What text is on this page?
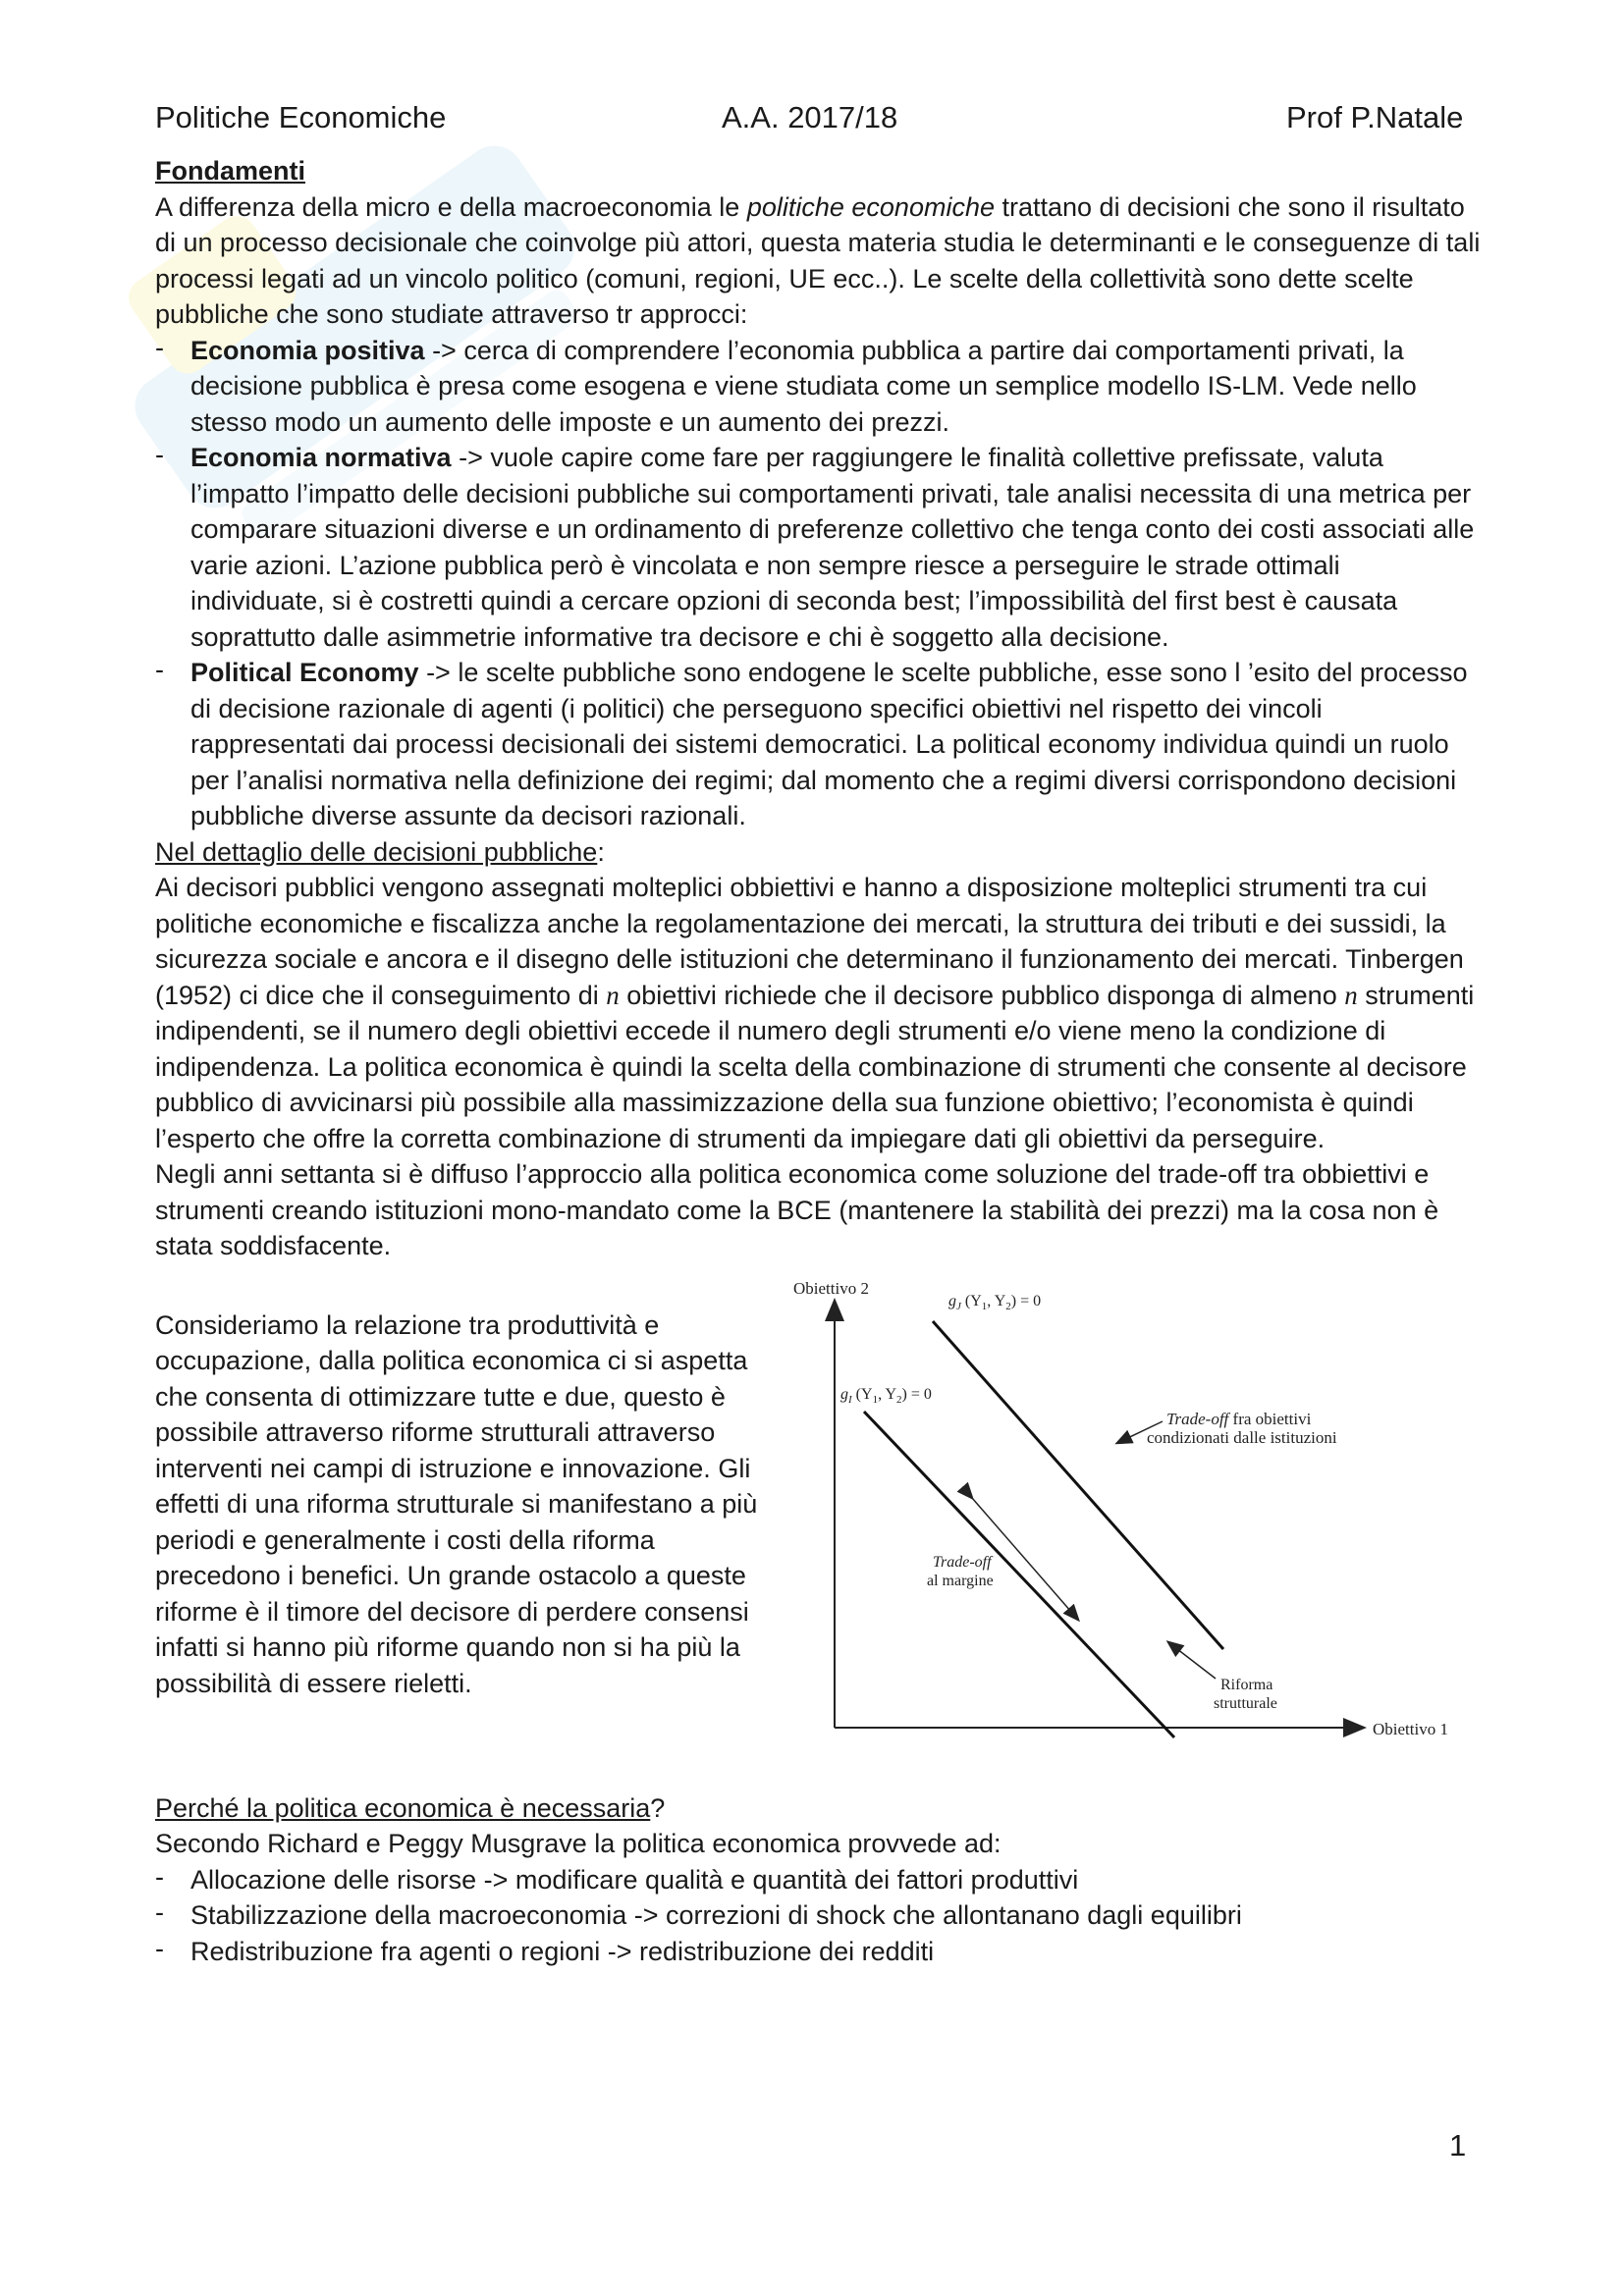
Politiche Economiche	A.A. 2017/18	Prof P.Natale

Fondamenti

A differenza della micro e della macroeconomia le politiche economiche trattano di decisioni che sono il risultato di un processo decisionale che coinvolge più attori, questa materia studia le determinanti e le conseguenze di tali processi legati ad un vincolo politico (comuni, regioni, UE ecc..). Le scelte della collettività sono dette scelte pubbliche che sono studiate attraverso tr approcci:

- Economia positiva -> cerca di comprendere l’economia pubblica a partire dai comportamenti privati, la decisione pubblica è presa come esogena e viene studiata come un semplice modello IS-LM. Vede nello stesso modo un aumento delle imposte e un aumento dei prezzi.
- Economia normativa -> vuole capire come fare per raggiungere le finalità collettive prefissate, valuta l’impatto l’impatto delle decisioni pubbliche sui comportamenti privati, tale analisi necessita di una metrica per comparare situazioni diverse e un ordinamento di preferenze collettivo che tenga conto dei costi associati alle varie azioni. L’azione pubblica però è vincolata e non sempre riesce a perseguire le strade ottimali individuate, si è costretti quindi a cercare opzioni di seconda best; l’impossibilità del first best è causata soprattutto dalle asimmetrie informative tra decisore e chi è soggetto alla decisione.
- Political Economy -> le scelte pubbliche sono endogene le scelte pubbliche, esse sono l ’esito del processo di decisione razionale di agenti (i politici) che perseguono specifici obiettivi nel rispetto dei vincoli rappresentati dai processi decisionali dei sistemi democratici. La political economy individua quindi un ruolo per l’analisi normativa nella definizione dei regimi; dal momento che a regimi diversi corrispondono decisioni pubbliche diverse assunte da decisori razionali.

Nel dettaglio delle decisioni pubbliche:

Ai decisori pubblici vengono assegnati molteplici obbiettivi e hanno a disposizione molteplici strumenti tra cui politiche economiche e fiscalizza anche la regolamentazione dei mercati, la struttura dei tributi e dei sussidi, la sicurezza sociale e ancora e il disegno delle istituzioni che determinano il funzionamento dei mercati. Tinbergen (1952) ci dice che il conseguimento di n obiettivi richiede che il decisore pubblico disponga di almeno n strumenti indipendenti, se il numero degli obiettivi eccede il numero degli strumenti e/o viene meno la condizione di indipendenza. La politica economica è quindi la scelta della combinazione di strumenti che consente al decisore pubblico di avvicinarsi più possibile alla massimizzazione della sua funzione obiettivo; l’economista è quindi l’esperto che offre la corretta combinazione di strumenti da impiegare dati gli obiettivi da perseguire.

Negli anni settanta si è diffuso l’approccio alla politica economica come soluzione del trade-off tra obbiettivi e strumenti creando istituzioni mono-mandato come la BCE (mantenere la stabilità dei prezzi) ma la cosa non è stata soddisfacente.

Consideriamo la relazione tra produttività e occupazione, dalla politica economica ci si aspetta che consenta di ottimizzare tutte e due, questo è possibile attraverso riforme strutturali attraverso interventi nei campi di istruzione e innovazione. Gli effetti di una riforma strutturale si manifestano a più periodi e generalmente i costi della riforma precedono i benefici. Un grande ostacolo a queste riforme è il timore del decisore di perdere consensi infatti si hanno più riforme quando non si ha più la possibilità di essere rieletti.

Obiettivo 2
Obiettivo 1
$g_J$ ($Y_1$, $Y_2) = 0$
$g_I$ ($Y_1$, $Y_2) = 0$
Trade-off fra obiettivi
condizionati dalle istituzioni
Trade-off
al margine
Riforma
strutturale

Perché la politica economica è necessaria?

Secondo Richard e Peggy Musgrave la politica economica provvede ad:

- Allocazione delle risorse -> modificare qualità e quantità dei fattori produttivi
- Stabilizzazione della macroeconomia -> correzioni di shock che allontanano dagli equilibri
- Redistribuzione fra agenti o regioni -> redistribuzione dei redditi
1
